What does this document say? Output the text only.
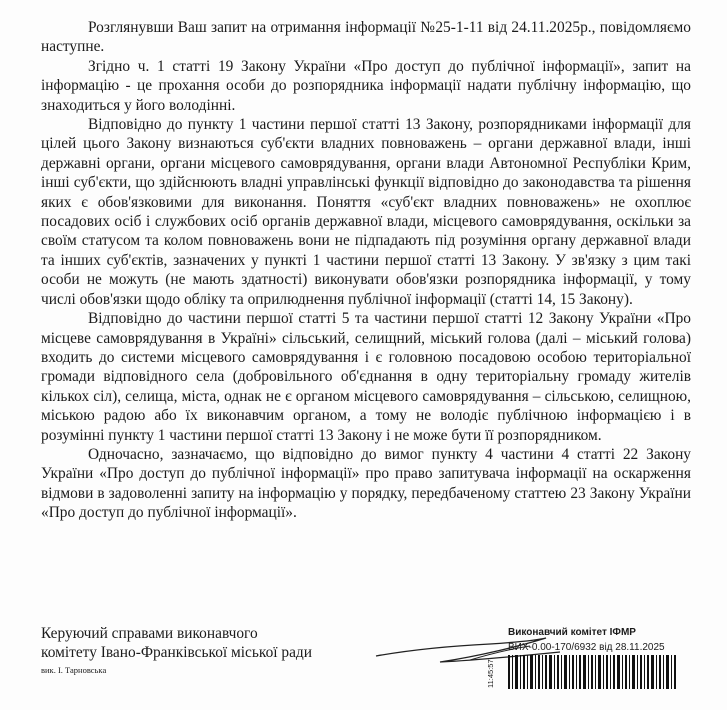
Розглянувши Ваш запит на отримання інформації №25-1-11 від 24.11.2025р., повідомляємо наступне.

Згідно ч. 1 статті 19 Закону України «Про доступ до публічної інформації», запит на інформацію - це прохання особи до розпорядника інформації надати публічну інформацію, що знаходиться у його володінні.

Відповідно до пункту 1 частини першої статті 13 Закону, розпорядниками інформації для цілей цього Закону визнаються суб'єкти владних повноважень – органи державної влади, інші державні органи, органи місцевого самоврядування, органи влади Автономної Республіки Крим, інші суб'єкти, що здійснюють владні управлінські функції відповідно до законодавства та рішення яких є обов'язковими для виконання. Поняття «суб'єкт владних повноважень» не охоплює посадових осіб і службових осіб органів державної влади, місцевого самоврядування, оскільки за своїм статусом та колом повноважень вони не підпадають під розуміння органу державної влади та інших суб'єктів, зазначених у пункті 1 частини першої статті 13 Закону. У зв'язку з цим такі особи не можуть (не мають здатності) виконувати обов'язки розпорядника інформації, у тому числі обов'язки щодо обліку та оприлюднення публічної інформації (статті 14, 15 Закону).

Відповідно до частини першої статті 5 та частини першої статті 12 Закону України «Про місцеве самоврядування в Україні» сільський, селищний, міський голова (далі – міський голова) входить до системи місцевого самоврядування і є головною посадовою особою територіальної громади відповідного села (добровільного об'єднання в одну територіальну громаду жителів кількох сіл), селища, міста, однак не є органом місцевого самоврядування – сільською, селищною, міською радою або їх виконавчим органом, а тому не володіє публічною інформацією і в розумінні пункту 1 частини першої статті 13 Закону і не може бути її розпорядником.

Одночасно, зазначаємо, що відповідно до вимог пункту 4 частини 4 статті 22 Закону України «Про доступ до публічної інформації» про право запитувача інформації на оскарження відмови в задоволенні запиту на інформацію у порядку, передбаченому статтею 23 Закону України «Про доступ до публічної інформації».

Керуючий справами виконавчого
комітету Івано-Франківської міської ради
вик. І. Тарновська	11:45:57
Виконавчий комітет ІФМР
ВИХ-0.00-170/6932 від 28.11.2025
